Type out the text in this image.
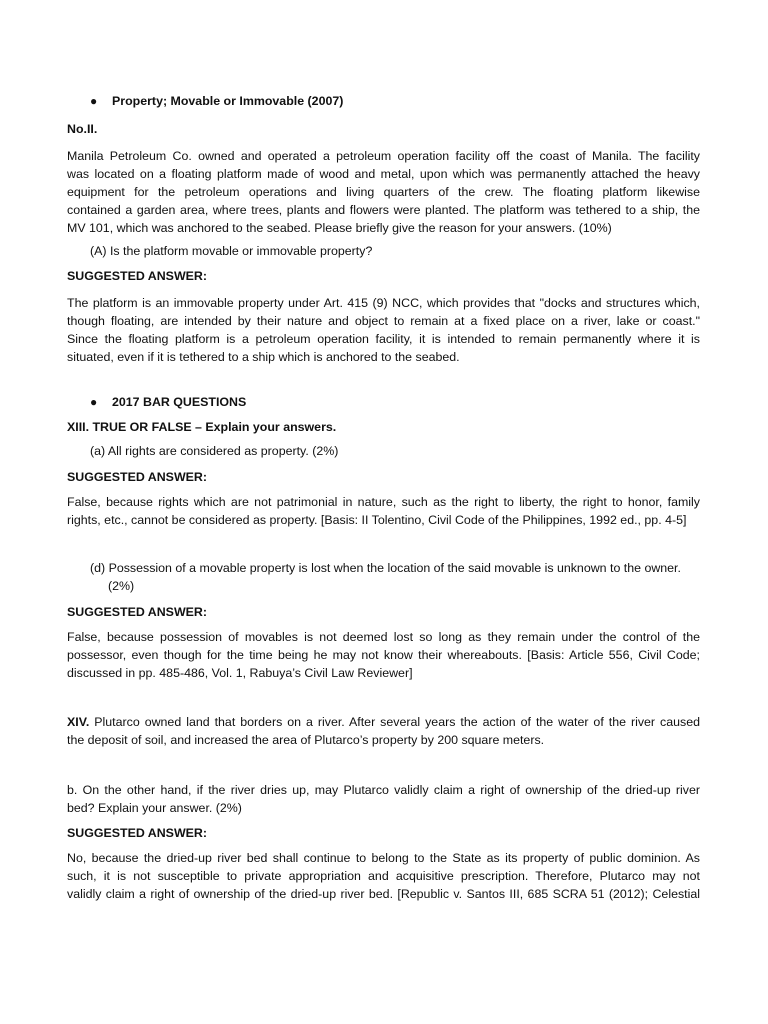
● Property; Movable or Immovable (2007)
No.II.
Manila Petroleum Co. owned and operated a petroleum operation facility off the coast of Manila. The facility
was located on a floating platform made of wood and metal, upon which was permanently attached the heavy
equipment for the petroleum operations and living quarters of the crew. The floating platform likewise
contained a garden area, where trees, plants and flowers were planted. The platform was tethered to a ship, the
MV 101, which was anchored to the seabed. Please briefly give the reason for your answers. (10%)
(A) Is the platform movable or immovable property?
SUGGESTED ANSWER:
The platform is an immovable property under Art. 415 (9) NCC, which provides that "docks and structures which,
though floating, are intended by their nature and object to remain at a fixed place on a river, lake or coast."
Since the floating platform is a petroleum operation facility, it is intended to remain permanently where it is
situated, even if it is tethered to a ship which is anchored to the seabed.
● 2017 BAR QUESTIONS
XIII. TRUE OR FALSE – Explain your answers.
(a) All rights are considered as property. (2%)
SUGGESTED ANSWER:
False, because rights which are not patrimonial in nature, such as the right to liberty, the right to honor, family
rights, etc., cannot be considered as property. [Basis: II Tolentino, Civil Code of the Philippines, 1992 ed., pp. 4-5]
(d) Possession of a movable property is lost when the location of the said movable is unknown to the owner.
(2%)
SUGGESTED ANSWER:
False, because possession of movables is not deemed lost so long as they remain under the control of the
possessor, even though for the time being he may not know their whereabouts. [Basis: Article 556, Civil Code;
discussed in pp. 485-486, Vol. 1, Rabuya’s Civil Law Reviewer]
XIV. Plutarco owned land that borders on a river. After several years the action of the water of the river caused
the deposit of soil, and increased the area of Plutarco’s property by 200 square meters.
b. On the other hand, if the river dries up, may Plutarco validly claim a right of ownership of the dried-up river
bed? Explain your answer. (2%)
SUGGESTED ANSWER:
No, because the dried-up river bed shall continue to belong to the State as its property of public dominion. As
such, it is not susceptible to private appropriation and acquisitive prescription. Therefore, Plutarco may not
validly claim a right of ownership of the dried-up river bed. [Republic v. Santos III, 685 SCRA 51 (2012); Celestial
